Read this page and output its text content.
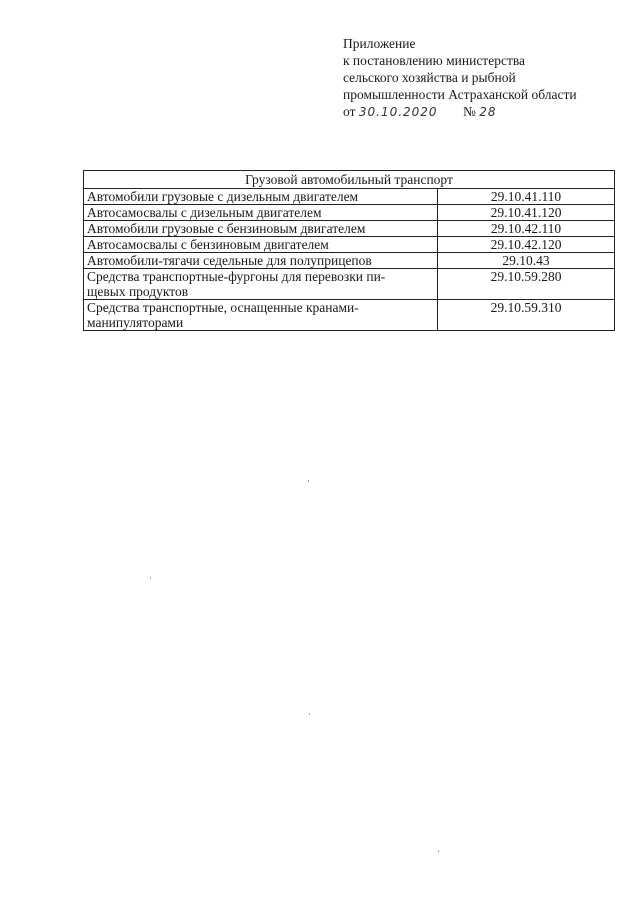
Приложение
к постановлению министерства
сельского хозяйства и рыбной
промышленности Астраханской области
от 30.10.2020 № 28
Грузовой автомобильный транспорт	
Автомобили грузовые с дизельным двигателем	29.10.41.110
Автосамосвалы с дизельным двигателем	29.10.41.120
Автомобили грузовые с бензиновым двигателем	29.10.42.110
Автосамосвалы с бензиновым двигателем	29.10.42.120
Автомобили-тягачи седельные для полуприцепов	29.10.43

Средства транспортные-фургоны для перевозки пи-
щевых продуктов	29.10.59.280

Средства транспортные, оснащенные кранами-
манипуляторами	29.10.59.310
